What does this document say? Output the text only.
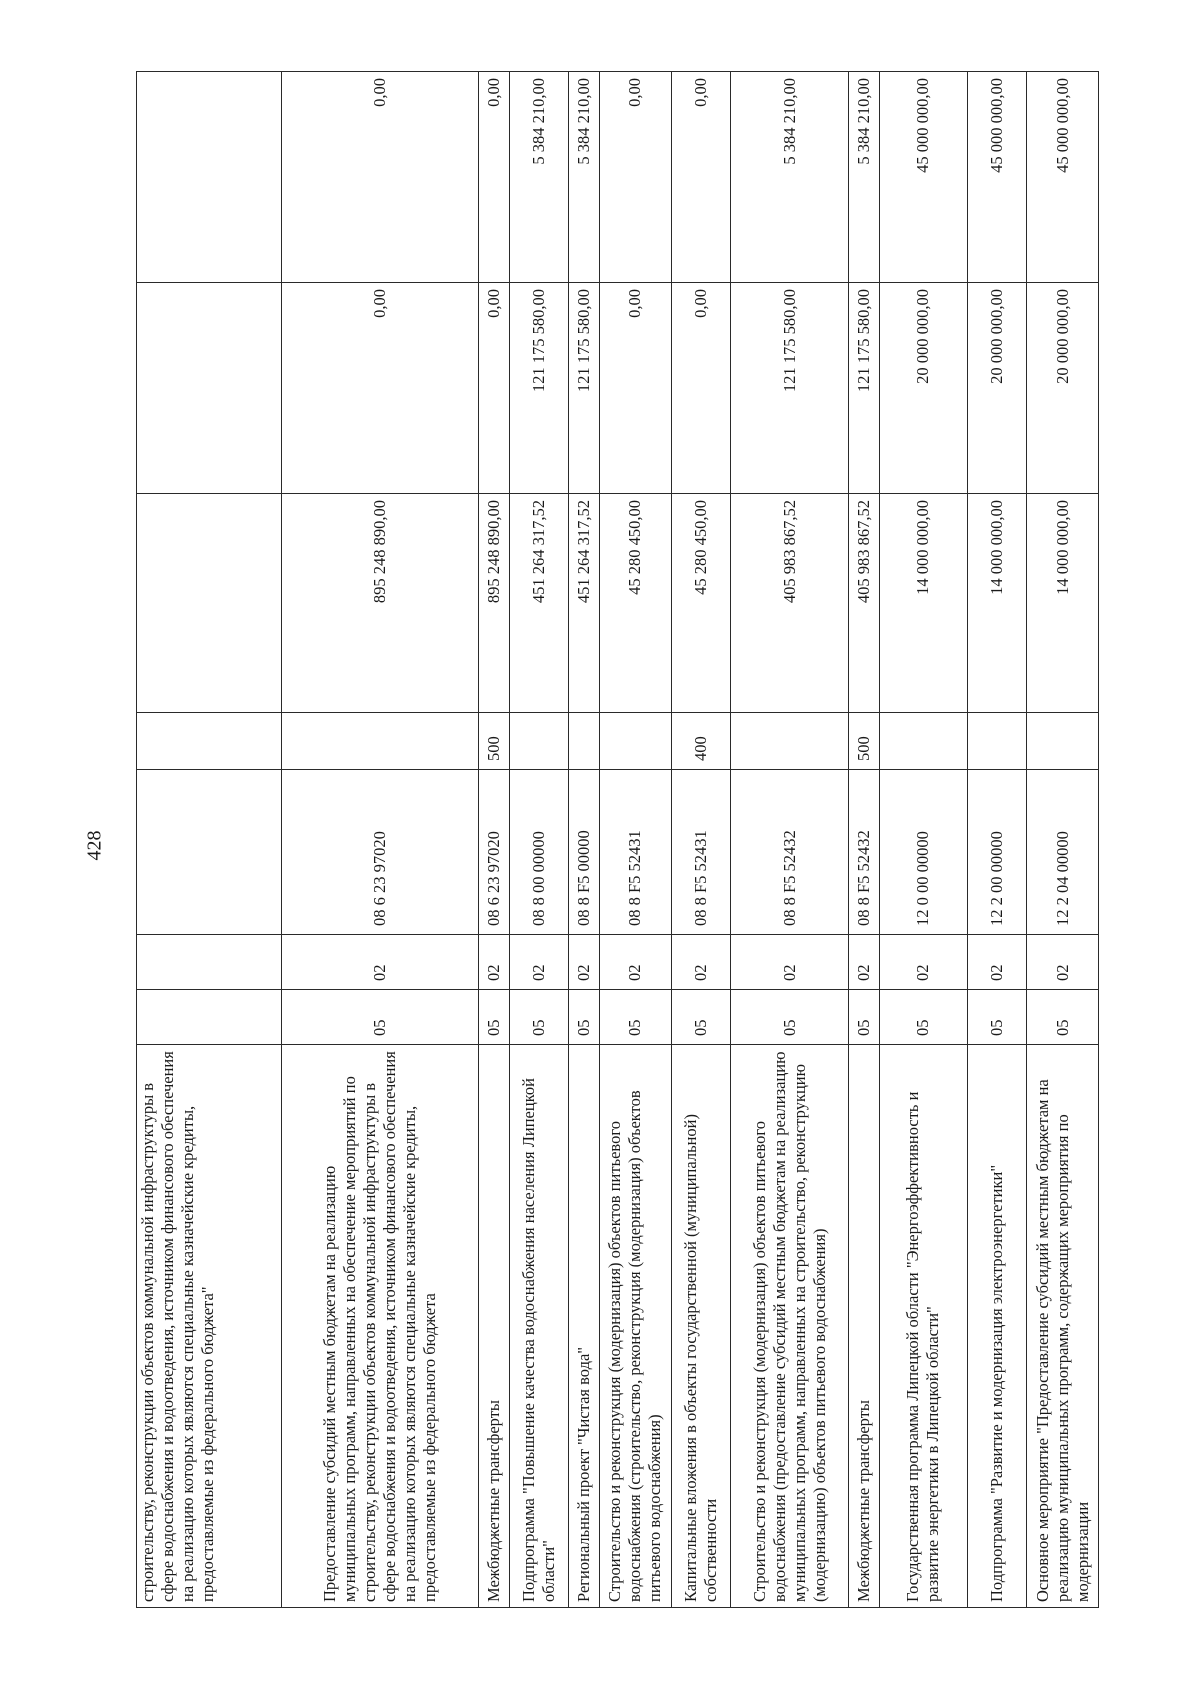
428
строительству, реконструкции объектов коммунальной инфраструктуры в сфере водоснабжения и водоотведения, источником финансового обеспечения на реализацию которых являются специальные казначейские кредиты, предоставляемые из федерального бюджета"							
Предоставление субсидий местным бюджетам на реализацию муниципальных программ, направленных на обеспечение мероприятий по строительству, реконструкции объектов коммунальной инфраструктуры в сфере водоснабжения и водоотведения, источником финансового обеспечения на реализацию которых являются специальные казначейские кредиты, предоставляемые из федерального бюджета	05	02	08 6 23 97020		895 248 890,00	0,00	0,00
Межбюджетные трансферты	05	02	08 6 23 97020	500	895 248 890,00	0,00	0,00
Подпрограмма "Повышение качества водоснабжения населения Липецкой области"	05	02	08 8 00 00000		451 264 317,52	121 175 580,00	5 384 210,00
Региональный проект "Чистая вода"	05	02	08 8 F5 00000		451 264 317,52	121 175 580,00	5 384 210,00
Строительство и реконструкция (модернизация) объектов питьевого водоснабжения (строительство, реконструкция (модернизация) объектов питьевого водоснабжения)	05	02	08 8 F5 52431		45 280 450,00	0,00	0,00
Капитальные вложения в объекты государственной (муниципальной) собственности	05	02	08 8 F5 52431	400	45 280 450,00	0,00	0,00
Строительство и реконструкция (модернизация) объектов питьевого водоснабжения (предоставление субсидий местным бюджетам на реализацию муниципальных программ, направленных на строительство, реконструкцию (модернизацию) объектов питьевого водоснабжения)	05	02	08 8 F5 52432		405 983 867,52	121 175 580,00	5 384 210,00
Межбюджетные трансферты	05	02	08 8 F5 52432	500	405 983 867,52	121 175 580,00	5 384 210,00
Государственная программа Липецкой области "Энергоэффективность и развитие энергетики в Липецкой области"	05	02	12 0 00 00000		14 000 000,00	20 000 000,00	45 000 000,00
Подпрограмма "Развитие и модернизация электроэнергетики"	05	02	12 2 00 00000		14 000 000,00	20 000 000,00	45 000 000,00
Основное мероприятие "Предоставление субсидий местным бюджетам на реализацию муниципальных программ, содержащих мероприятия по модернизации	05	02	12 2 04 00000		14 000 000,00	20 000 000,00	45 000 000,00
